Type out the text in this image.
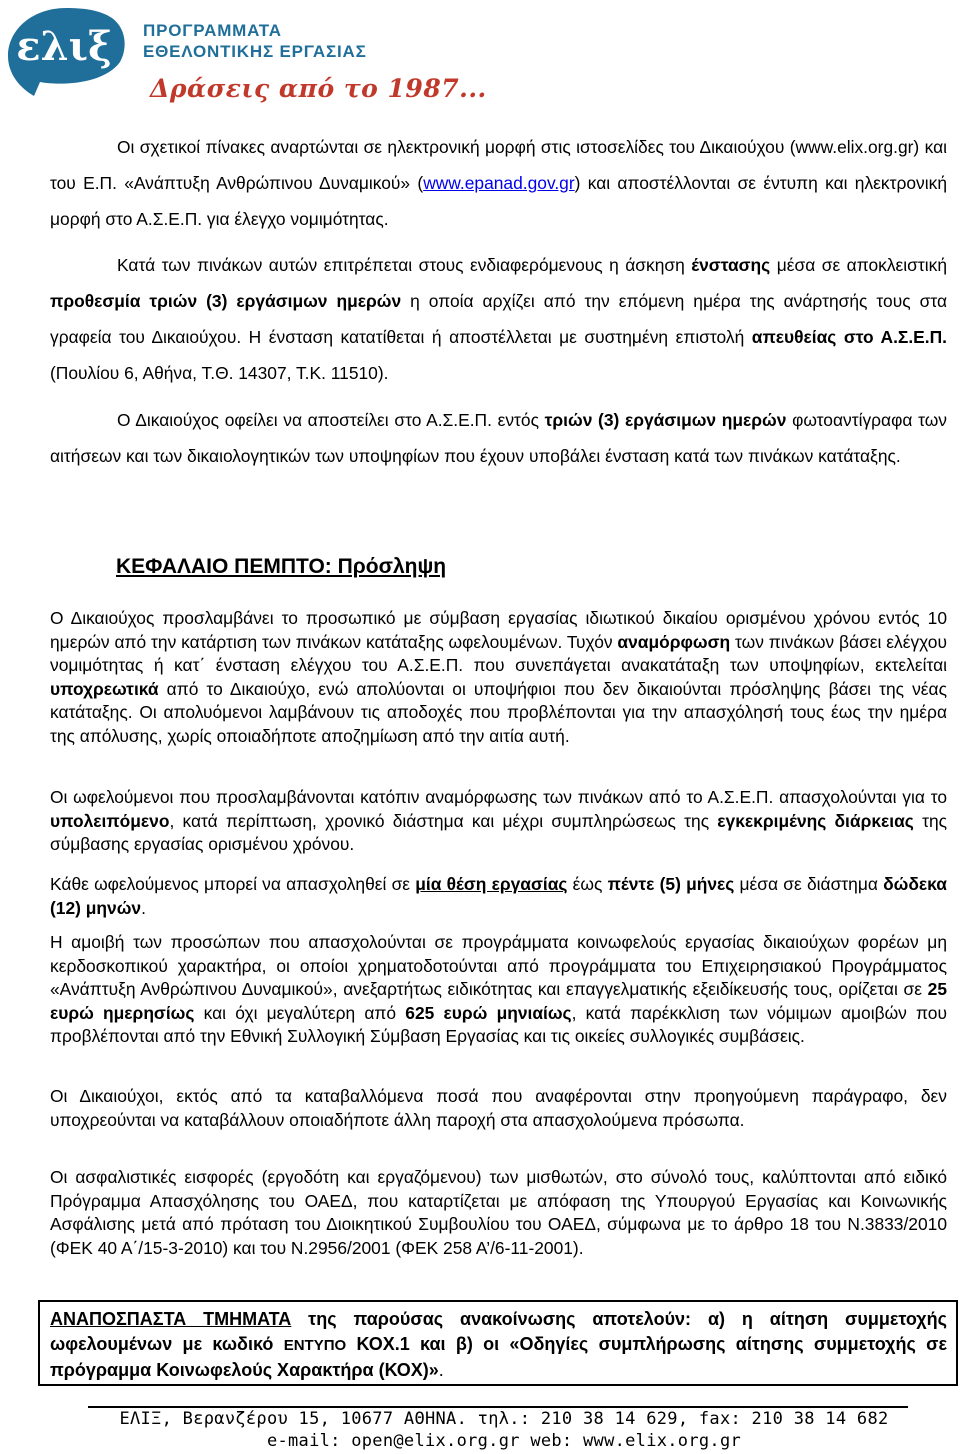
ελιξ ΠΡΟΓΡΑΜΜΑΤΑ
ΕΘΕΛΟΝΤΙΚΗΣ ΕΡΓΑΣΙΑΣ
Δράσεις από το 1987...
Οι σχετικοί πίνακες αναρτώνται σε ηλεκτρονική μορφή στις ιστοσελίδες του Δικαιούχου (www.elix.org.gr) και του Ε.Π. «Ανάπτυξη Ανθρώπινου Δυναμικού» (www.epanad.gov.gr) και αποστέλλονται σε έντυπη και ηλεκτρονική μορφή στο Α.Σ.Ε.Π. για έλεγχο νομιμότητας.
Κατά των πινάκων αυτών επιτρέπεται στους ενδιαφερόμενους η άσκηση ένστασης μέσα σε αποκλειστική προθεσμία τριών (3) εργάσιμων ημερών η οποία αρχίζει από την επόμενη ημέρα της ανάρτησής τους στα γραφεία του Δικαιούχου. Η ένσταση κατατίθεται ή αποστέλλεται με συστημένη επιστολή απευθείας στο Α.Σ.Ε.Π. (Πουλίου 6, Αθήνα, Τ.Θ. 14307, Τ.Κ. 11510).
Ο Δικαιούχος οφείλει να αποστείλει στο Α.Σ.Ε.Π. εντός τριών (3) εργάσιμων ημερών φωτοαντίγραφα των αιτήσεων και των δικαιολογητικών των υποψηφίων που έχουν υποβάλει ένσταση κατά των πινάκων κατάταξης.
ΚΕΦΑΛΑΙΟ ΠΕΜΠΤΟ: Πρόσληψη
Ο Δικαιούχος προσλαμβάνει το προσωπικό με σύμβαση εργασίας ιδιωτικού δικαίου ορισμένου χρόνου εντός 10 ημερών από την κατάρτιση των πινάκων κατάταξης ωφελουμένων. Τυχόν αναμόρφωση των πινάκων βάσει ελέγχου νομιμότητας ή κατ΄ ένσταση ελέγχου του Α.Σ.Ε.Π. που συνεπάγεται ανακατάταξη των υποψηφίων, εκτελείται υποχρεωτικά από το Δικαιούχο, ενώ απολύονται οι υποψήφιοι που δεν δικαιούνται πρόσληψης βάσει της νέας κατάταξης. Οι απολυόμενοι λαμβάνουν τις αποδοχές που προβλέπονται για την απασχόλησή τους έως την ημέρα της απόλυσης, χωρίς οποιαδήποτε αποζημίωση από την αιτία αυτή.
Οι ωφελούμενοι που προσλαμβάνονται κατόπιν αναμόρφωσης των πινάκων από το Α.Σ.Ε.Π. απασχολούνται για το υπολειπόμενο, κατά περίπτωση, χρονικό διάστημα και μέχρι συμπληρώσεως της εγκεκριμένης διάρκειας της σύμβασης εργασίας ορισμένου χρόνου.
Κάθε ωφελούμενος μπορεί να απασχοληθεί σε μία θέση εργασίας έως πέντε (5) μήνες μέσα σε διάστημα δώδεκα (12) μηνών.
Η αμοιβή των προσώπων που απασχολούνται σε προγράμματα κοινωφελούς εργασίας δικαιούχων φορέων μη κερδοσκοπικού χαρακτήρα, οι οποίοι χρηματοδοτούνται από προγράμματα του Επιχειρησιακού Προγράμματος «Ανάπτυξη Ανθρώπινου Δυναμικού», ανεξαρτήτως ειδικότητας και επαγγελματικής εξειδίκευσής τους, ορίζεται σε 25 ευρώ ημερησίως και όχι μεγαλύτερη από 625 ευρώ μηνιαίως, κατά παρέκκλιση των νόμιμων αμοιβών που προβλέπονται από την Εθνική Συλλογική Σύμβαση Εργασίας και τις οικείες συλλογικές συμβάσεις.
Οι Δικαιούχοι, εκτός από τα καταβαλλόμενα ποσά που αναφέρονται στην προηγούμενη παράγραφο, δεν υποχρεούνται να καταβάλλουν οποιαδήποτε άλλη παροχή στα απασχολούμενα πρόσωπα.
Οι ασφαλιστικές εισφορές (εργοδότη και εργαζόμενου) των μισθωτών, στο σύνολό τους, καλύπτονται από ειδικό Πρόγραμμα Απασχόλησης του ΟΑΕΔ, που καταρτίζεται με απόφαση της Υπουργού Εργασίας και Κοινωνικής Ασφάλισης μετά από πρόταση του Διοικητικού Συμβουλίου του ΟΑΕΔ, σύμφωνα με το άρθρο 18 του Ν.3833/2010 (ΦΕΚ 40 Α΄/15-3-2010) και του Ν.2956/2001 (ΦΕΚ 258 Α’/6-11-2001).
ΑΝΑΠΟΣΠΑΣΤΑ ΤΜΗΜΑΤΑ της παρούσας ανακοίνωσης αποτελούν: α) η αίτηση συμμετοχής ωφελουμένων με κωδικό ΕΝΤΥΠΟ ΚΟΧ.1 και β) οι «Οδηγίες συμπλήρωσης αίτησης συμμετοχής σε πρόγραμμα Κοινωφελούς Χαρακτήρα (ΚΟΧ)».
ΕΛΙΞ, Βερανζέρου 15, 10677 ΑΘΗΝΑ. τηλ.: 210 38 14 629, fax: 210 38 14 682
e-mail: open@elix.org.gr web: www.elix.org.gr
